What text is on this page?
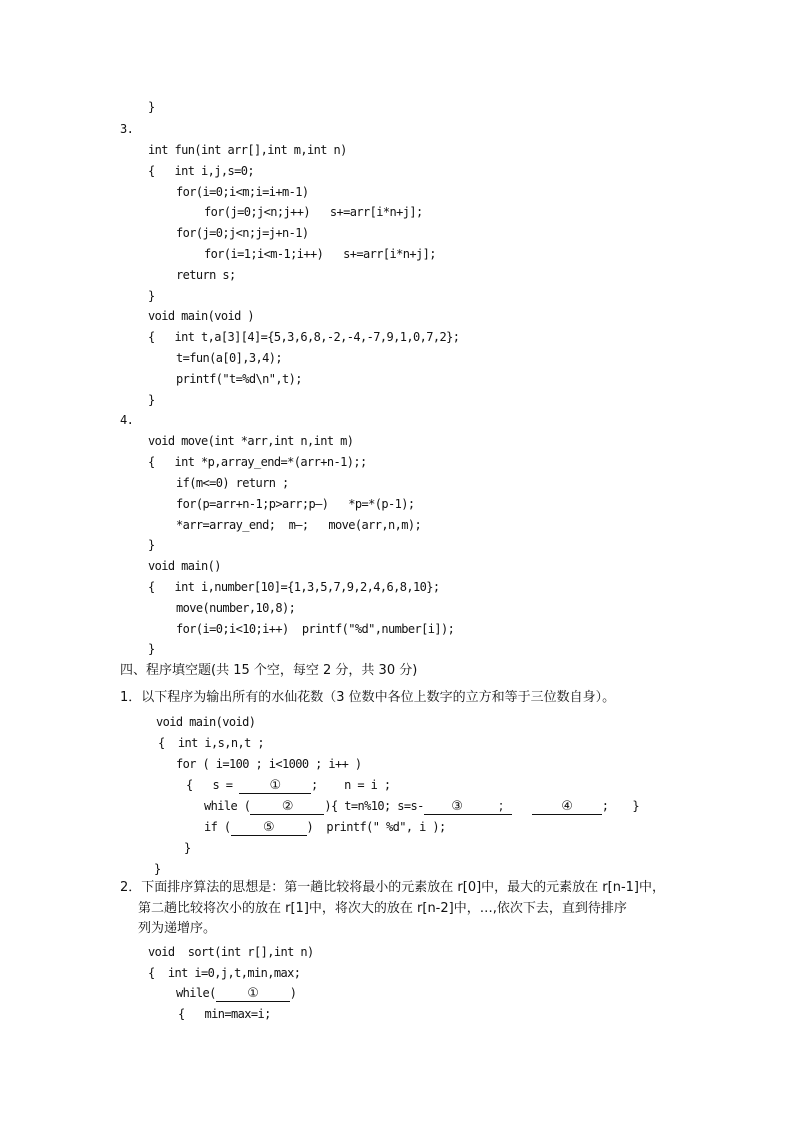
}
3.
int fun(int arr[],int m,int n)
{   int i,j,s=0;
for(i=0;i<m;i=i+m-1)
for(j=0;j<n;j++)   s+=arr[i*n+j];
for(j=0;j<n;j=j+n-1)
for(i=1;i<m-1;i++)   s+=arr[i*n+j];
return s;
}
void main(void )
{   int t,a[3][4]={5,3,6,8,-2,-4,-7,9,1,0,7,2};
t=fun(a[0],3,4);
printf("t=%d\n",t);
}
4.
void move(int *arr,int n,int m)
{   int *p,array_end=*(arr+n-1);;
if(m<=0) return ;
for(p=arr+n-1;p>arr;p—)   *p=*(p-1);
*arr=array_end;  m—;   move(arr,n,m);
}
void main()
{   int i,number[10]={1,3,5,7,9,2,4,6,8,10};
move(number,10,8);
for(i=0;i<10;i++)  printf("%d",number[i]);
}
四、程序填空题(共 15 个空，每空 2 分，共 30 分)
1．以下程序为输出所有的水仙花数（3 位数中各位上数字的立方和等于三位数自身）。
void main(void)
{  int i,s,n,t ;
for ( i=100 ; i<1000 ; i++ )
{   s = ①	;    n = i ;
while ( ②	){ t=n%10; s=s- ③	;	④ ; }
if ( ⑤	)  printf(" %d", i );
}
}
2．下面排序算法的思想是：第一趟比较将最小的元素放在 r[0]中，最大的元素放在 r[n-1]中，
第二趟比较将次小的放在 r[1]中，将次大的放在 r[n-2]中，…,依次下去，直到待排序
列为递增序。
void  sort(int r[],int n)
{  int i=0,j,t,min,max;
while( ①	)
{   min=max=i;
